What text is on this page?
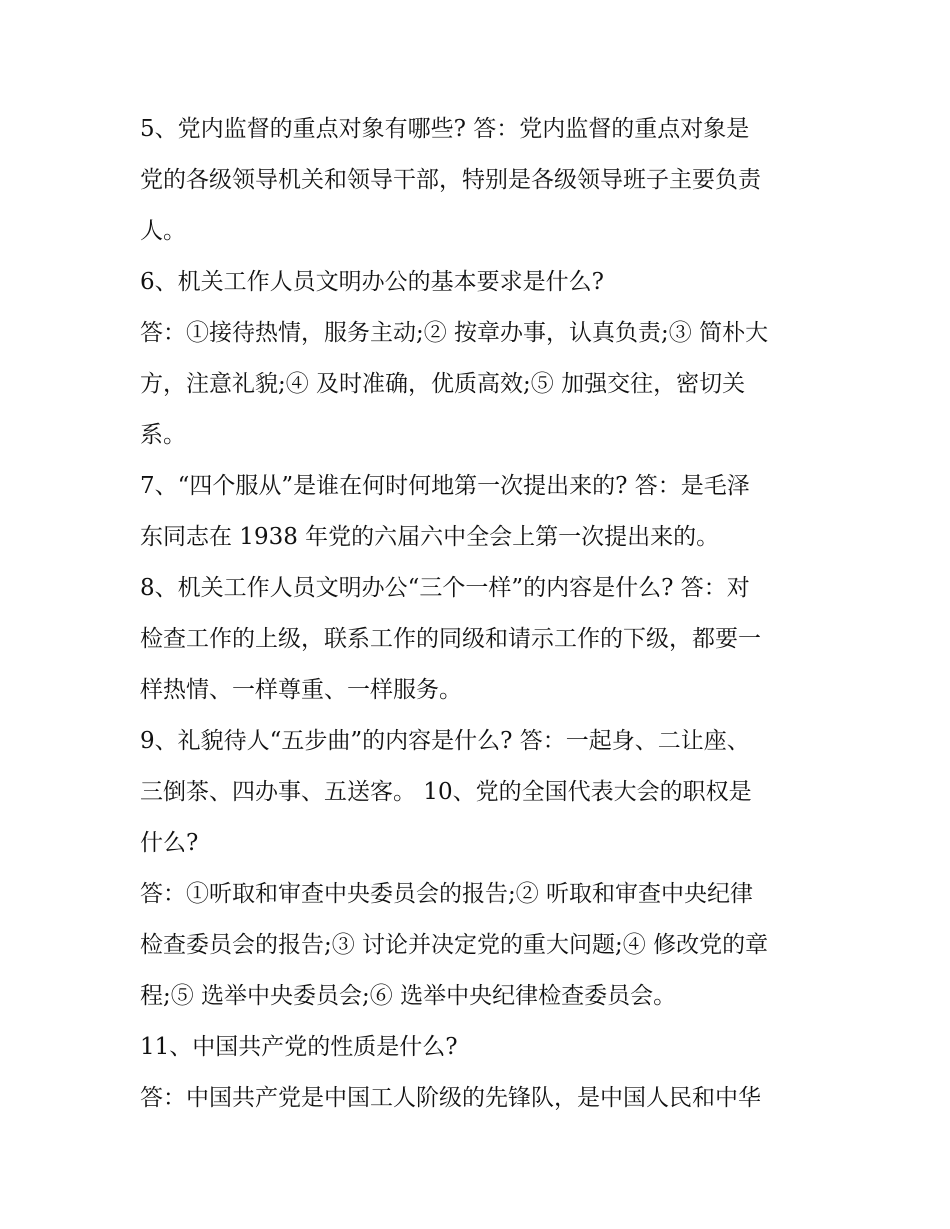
5、党内监督的重点对象有哪些? 答：党内监督的重点对象是
党的各级领导机关和领导干部，特别是各级领导班子主要负责
人。
6、机关工作人员文明办公的基本要求是什么?
答：①接待热情，服务主动;② 按章办事，认真负责;③ 简朴大
方，注意礼貌;④ 及时准确，优质高效;⑤ 加强交往，密切关
系。
7、“四个服从”是谁在何时何地第一次提出来的? 答：是毛泽
东同志在 1938 年党的六届六中全会上第一次提出来的。
8、机关工作人员文明办公“三个一样”的内容是什么? 答：对
检查工作的上级，联系工作的同级和请示工作的下级，都要一
样热情、一样尊重、一样服务。
9、礼貌待人“五步曲”的内容是什么? 答：一起身、二让座、
三倒茶、四办事、五送客。 10、党的全国代表大会的职权是
什么?
答：①听取和审查中央委员会的报告;② 听取和审查中央纪律
检查委员会的报告;③ 讨论并决定党的重大问题;④ 修改党的章
程;⑤ 选举中央委员会;⑥ 选举中央纪律检查委员会。
11、中国共产党的性质是什么?
答：中国共产党是中国工人阶级的先锋队，是中国人民和中华
